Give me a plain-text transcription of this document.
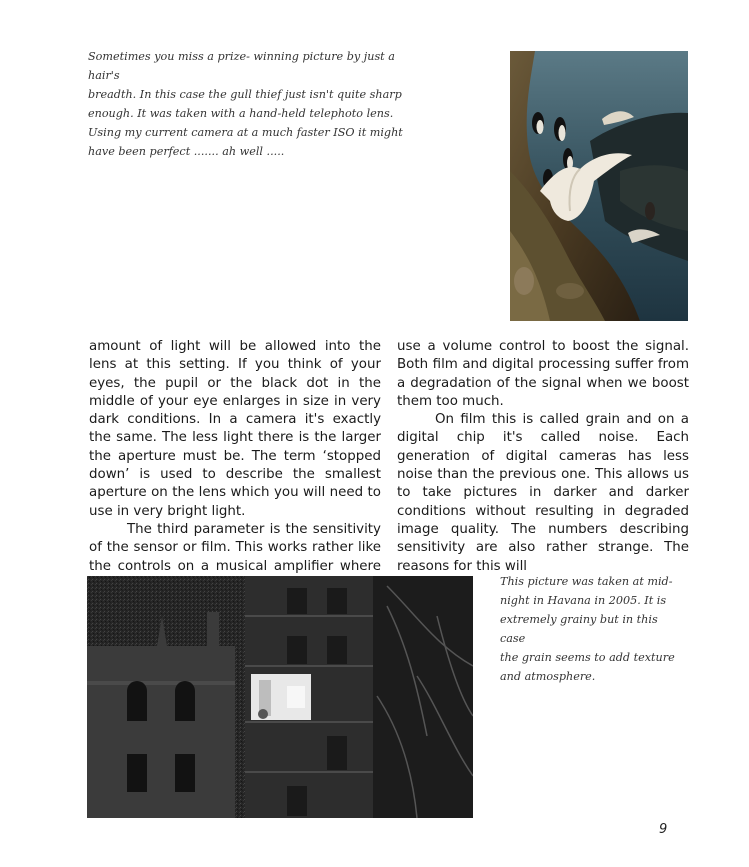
Sometimes you miss a prize- winning picture by just a hair's

breadth. In this case the gull thief just isn't quite sharp

enough. It was taken with a hand-held telephoto lens.

Using my current camera at a much faster ISO it might

have been perfect ....... ah well .....

amount of light will be allowed into the lens at this setting. If you think of your eyes, the pupil or the black dot in the middle of your eye enlarges in size in very dark conditions. In a camera it's exactly the same. The less light there is the larger the aperture must be. The term ‘stopped down’ is used to describe the smallest aperture on the lens which you will need to use in very bright light.

The third parameter is the sensitivity of the sensor or film. This works rather like the controls on a musical amplifier where

use a volume control to boost the signal. Both film and digital processing suffer from a degradation of the signal when we boost them too much.

On film this is called grain and on a digital chip it's called noise. Each generation of digital cameras has less noise than the previous one. This allows us to take pictures in darker and darker conditions without resulting in degraded image quality. The numbers describing sensitivity are also rather strange. The reasons for this will

This picture was taken at mid-

night in Havana in 2005. It is

extremely grainy but in this case

the grain seems to add texture

and atmosphere.

9
